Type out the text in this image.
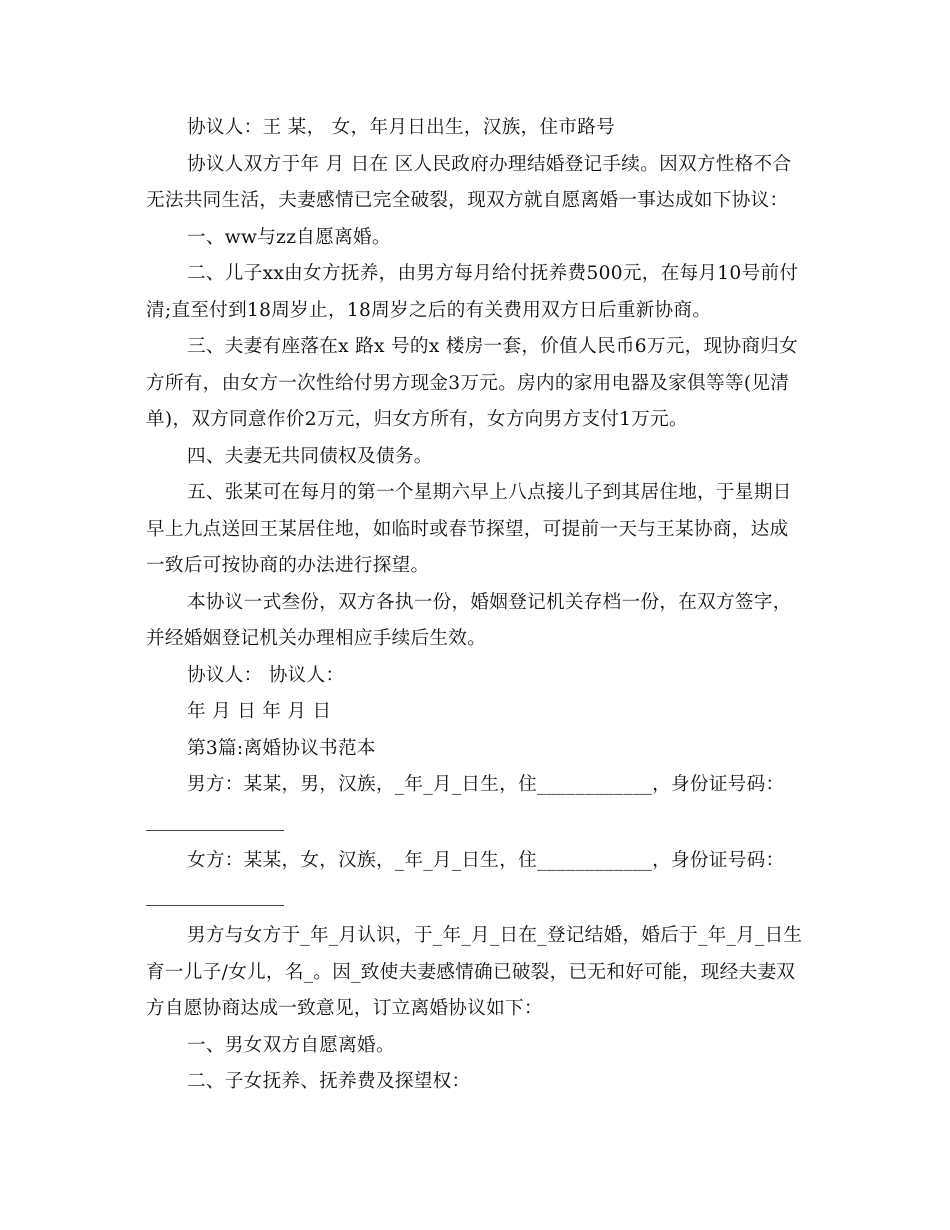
协议人：王 某， 女，年月日出生，汉族，住市路号

协议人双方于年 月 日在 区人民政府办理结婚登记手续。因双方性格不合无法共同生活，夫妻感情已完全破裂，现双方就自愿离婚一事达成如下协议：

一、ww与zz自愿离婚。

二、儿子xx由女方抚养，由男方每月给付抚养费500元，在每月10号前付清;直至付到18周岁止，18周岁之后的有关费用双方日后重新协商。

三、夫妻有座落在x 路x 号的x 楼房一套，价值人民币6万元，现协商归女方所有，由女方一次性给付男方现金3万元。房内的家用电器及家俱等等(见清单)，双方同意作价2万元，归女方所有，女方向男方支付1万元。

四、夫妻无共同债权及债务。

五、张某可在每月的第一个星期六早上八点接儿子到其居住地，于星期日早上九点送回王某居住地，如临时或春节探望，可提前一天与王某协商，达成一致后可按协商的办法进行探望。

本协议一式叁份，双方各执一份，婚姻登记机关存档一份，在双方签字，并经婚姻登记机关办理相应手续后生效。

协议人： 协议人：

年 月 日 年 月 日

第3篇:离婚协议书范本

男方：某某，男，汉族，_年_月_日生，住____________，身份证号码：

女方：某某，女，汉族，_年_月_日生，住____________，身份证号码：

男方与女方于_年_月认识，于_年_月_日在_登记结婚，婚后于_年_月_日生育一儿子/女儿，名_。因_致使夫妻感情确已破裂，已无和好可能，现经夫妻双方自愿协商达成一致意见，订立离婚协议如下：

一、男女双方自愿离婚。

二、子女抚养、抚养费及探望权：
